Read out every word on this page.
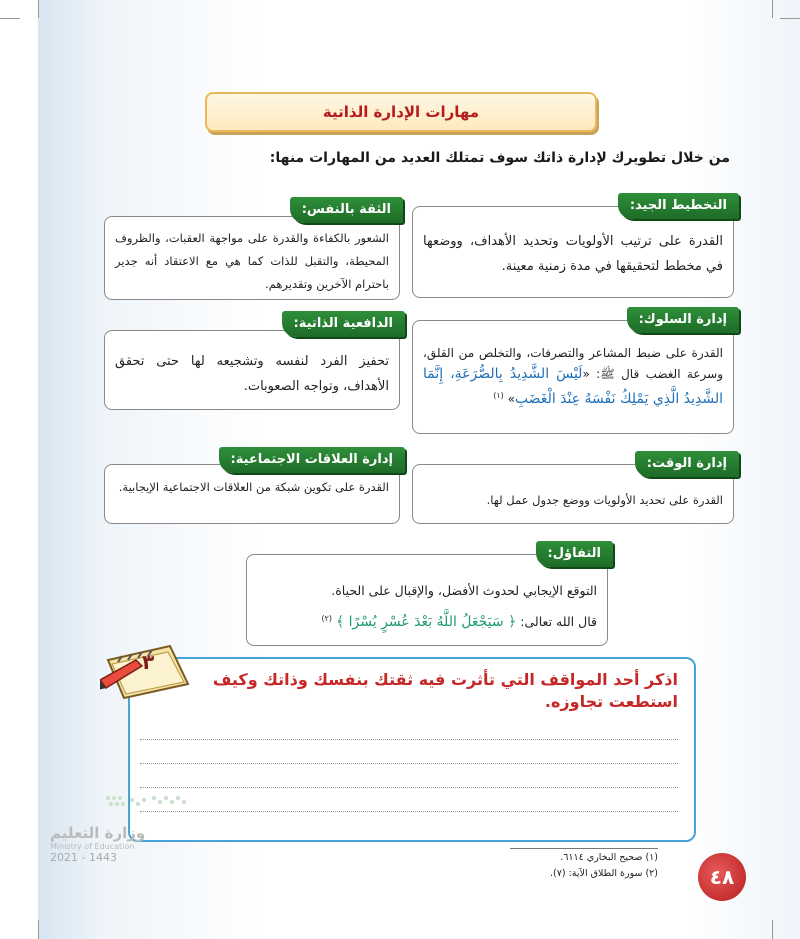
مهارات الإدارة الذاتية
من خلال تطويرك لإدارة ذاتك سوف تمتلك العديد من المهارات منها:
التخطيط الجيد:
القدرة على ترتيب الأولويات وتحديد الأهداف، ووضعها في مخطط لتحقيقها في مدة زمنية معينة.
الثقة بالنفس:
الشعور بالكفاءة والقدرة على مواجهة العقبات، والظروف المحيطة، والتقبل للذات كما هي مع الاعتقاد أنه جدير باحترام الآخرين وتقديرهم.
إدارة السلوك:
القدرة على ضبط المشاعر والتصرفات، والتخلص من القلق، وسرعة الغضب قال ﷺ: «لَيْسَ الشَّدِيدُ بِالصُّرَعَةِ، إِنَّمَا الشَّدِيدُ الَّذِي يَمْلِكُ نَفْسَهُ عِنْدَ الْغَضَبِ» $^{(١)}$
الدافعية الذاتية:
تحفيز الفرد لنفسه وتشجيعه لها حتى تحقق الأهداف، وتواجه الصعوبات.
إدارة الوقت:
القدرة على تحديد الأولويات ووضع جدول عمل لها.
إدارة العلاقات الاجتماعية:
القدرة على تكوين شبكة من العلاقات الاجتماعية الإيجابية.
التفاؤل:
التوقع الإيجابي لحدوث الأفضل، والإقبال على الحياة.
قال الله تعالى: ﴿ سَيَجْعَلُ اللَّهُ بَعْدَ عُسْرٍ يُسْرًا ﴾ $^{(٢)}$
اذكر أحد المواقف التي تأثرت فيه ثقتك بنفسك وذاتك وكيف استطعت تجاوزه.
٣
(١) صحيح البخاري ٦١١٤.
(٢) سورة الطلاق الآية: (٧).	٤٨
وزارة التعليم
Ministry of Education
2021 - 1443
